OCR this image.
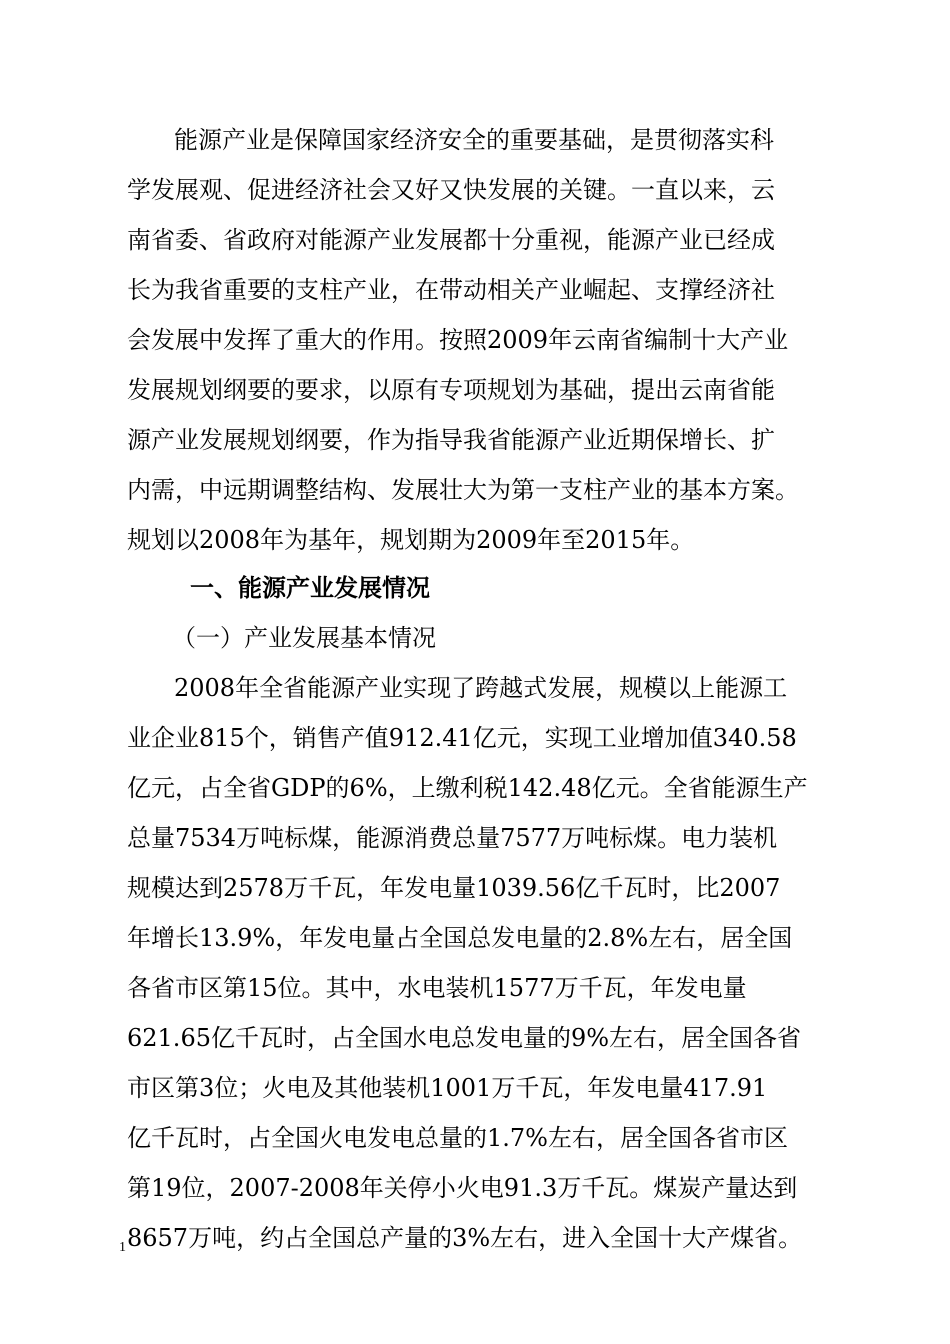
能源产业是保障国家经济安全的重要基础，是贯彻落实科
学发展观、促进经济社会又好又快发展的关键。一直以来，云
南省委、省政府对能源产业发展都十分重视，能源产业已经成
长为我省重要的支柱产业，在带动相关产业崛起、支撑经济社
会发展中发挥了重大的作用。按照2009年云南省编制十大产业
发展规划纲要的要求，以原有专项规划为基础，提出云南省能
源产业发展规划纲要，作为指导我省能源产业近期保增长、扩
内需，中远期调整结构、发展壮大为第一支柱产业的基本方案。
规划以2008年为基年，规划期为2009年至2015年。
一、能源产业发展情况
（一）产业发展基本情况
2008年全省能源产业实现了跨越式发展，规模以上能源工
业企业815个，销售产值912.41亿元，实现工业增加值340.58
亿元，占全省GDP的6%，上缴利税142.48亿元。全省能源生产
总量7534万吨标煤，能源消费总量7577万吨标煤。电力装机
规模达到2578万千瓦，年发电量1039.56亿千瓦时，比2007
年增长13.9%，年发电量占全国总发电量的2.8%左右，居全国
各省市区第15位。其中，水电装机1577万千瓦，年发电量
621.65亿千瓦时，占全国水电总发电量的9%左右，居全国各省
市区第3位；火电及其他装机1001万千瓦，年发电量417.91
亿千瓦时，占全国火电发电总量的1.7%左右，居全国各省市区
第19位，2007-2008年关停小火电91.3万千瓦。煤炭产量达到
8657万吨，约占全国总产量的3%左右，进入全国十大产煤省。
1
